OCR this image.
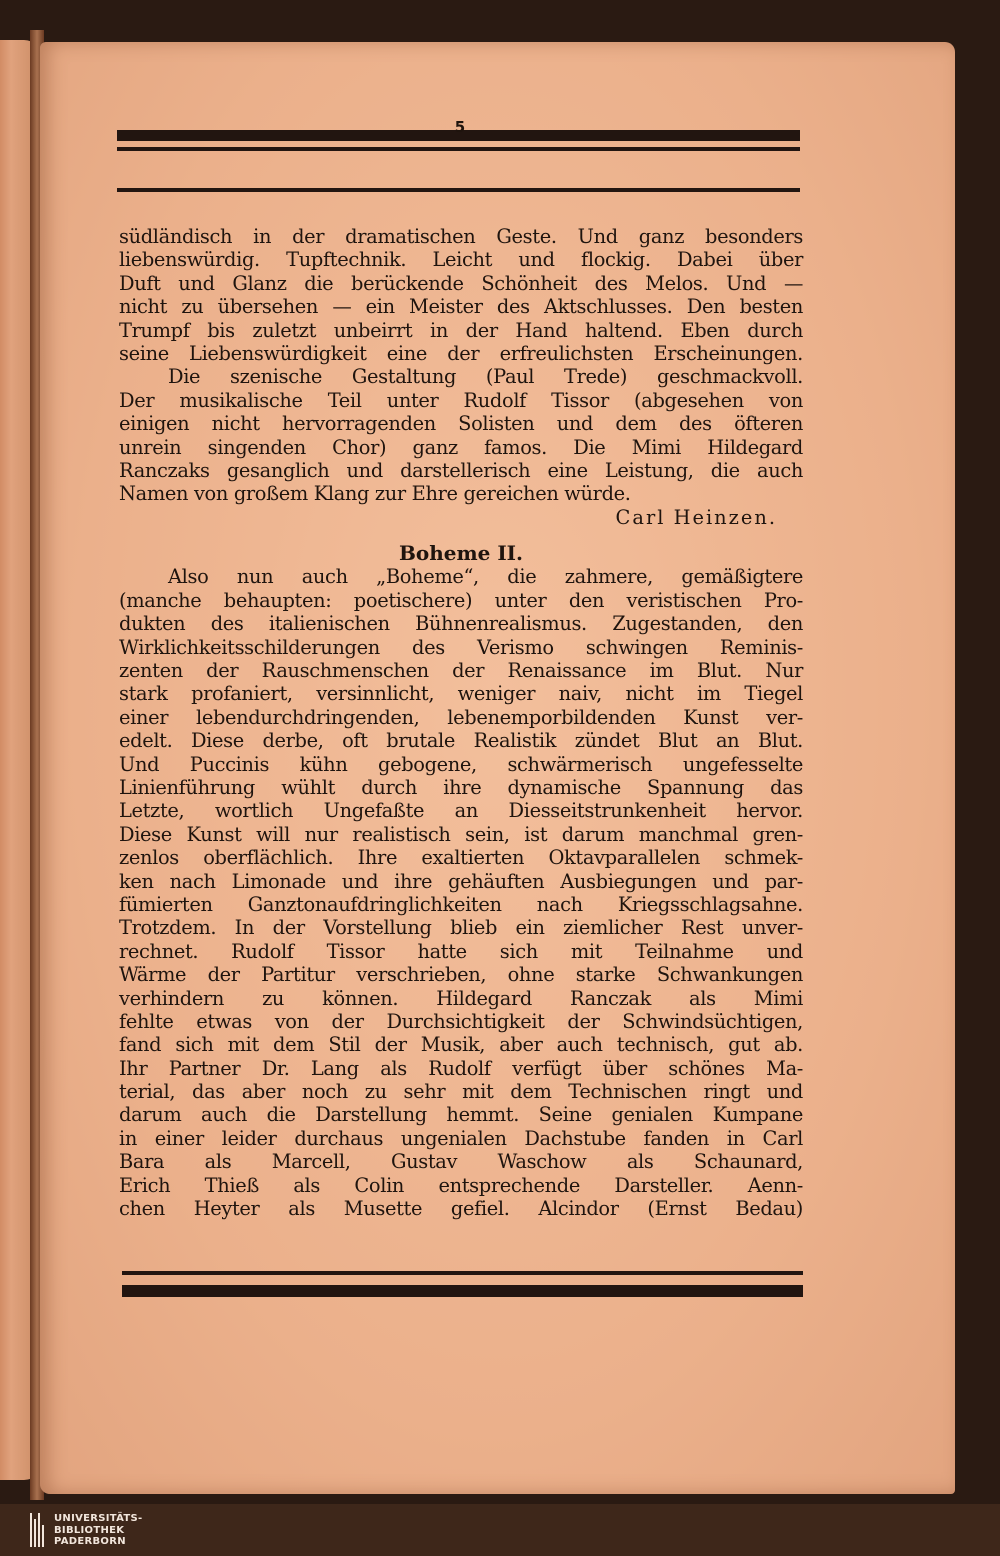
5
südländisch in der dramatischen Geste. Und ganz besonders
liebenswürdig. Tupftechnik. Leicht und flockig. Dabei über
Duft und Glanz die berückende Schönheit des Melos. Und —
nicht zu übersehen — ein Meister des Aktschlusses. Den besten
Trumpf bis zuletzt unbeirrt in der Hand haltend. Eben durch
seine Liebenswürdigkeit eine der erfreulichsten Erscheinungen.
Die szenische Gestaltung (Paul Trede) geschmackvoll.
Der musikalische Teil unter Rudolf Tissor (abgesehen von
einigen nicht hervorragenden Solisten und dem des öfteren
unrein singenden Chor) ganz famos. Die Mimi Hildegard
Ranczaks gesanglich und darstellerisch eine Leistung, die auch
Namen von großem Klang zur Ehre gereichen würde.
Carl Heinzen.
Boheme II.
Also nun auch „Boheme“, die zahmere, gemäßigtere
(manche behaupten: poetischere) unter den veristischen Pro-
dukten des italienischen Bühnenrealismus. Zugestanden, den
Wirklichkeitsschilderungen des Verismo schwingen Reminis-
zenten der Rauschmenschen der Renaissance im Blut. Nur
stark profaniert, versinnlicht, weniger naiv, nicht im Tiegel
einer lebendurchdringenden, lebenemporbildenden Kunst ver-
edelt. Diese derbe, oft brutale Realistik zündet Blut an Blut.
Und Puccinis kühn gebogene, schwärmerisch ungefesselte
Linienführung wühlt durch ihre dynamische Spannung das
Letzte, wortlich Ungefaßte an Diesseitstrunkenheit hervor.
Diese Kunst will nur realistisch sein, ist darum manchmal gren-
zenlos oberflächlich. Ihre exaltierten Oktavparallelen schmek-
ken nach Limonade und ihre gehäuften Ausbiegungen und par-
fümierten Ganztonaufdringlichkeiten nach Kriegsschlagsahne.
Trotzdem. In der Vorstellung blieb ein ziemlicher Rest unver-
rechnet. Rudolf Tissor hatte sich mit Teilnahme und
Wärme der Partitur verschrieben, ohne starke Schwankungen
verhindern zu können. Hildegard Ranczak als Mimi
fehlte etwas von der Durchsichtigkeit der Schwindsüchtigen,
fand sich mit dem Stil der Musik, aber auch technisch, gut ab.
Ihr Partner Dr. Lang als Rudolf verfügt über schönes Ma-
terial, das aber noch zu sehr mit dem Technischen ringt und
darum auch die Darstellung hemmt. Seine genialen Kumpane
in einer leider durchaus ungenialen Dachstube fanden in Carl
Bara als Marcell, Gustav Waschow als Schaunard,
Erich Thieß als Colin entsprechende Darsteller. Aenn-
chen Heyter als Musette gefiel. Alcindor (Ernst Bedau)
UNIVERSITÄTS-
BIBLIOTHEK
PADERBORN
